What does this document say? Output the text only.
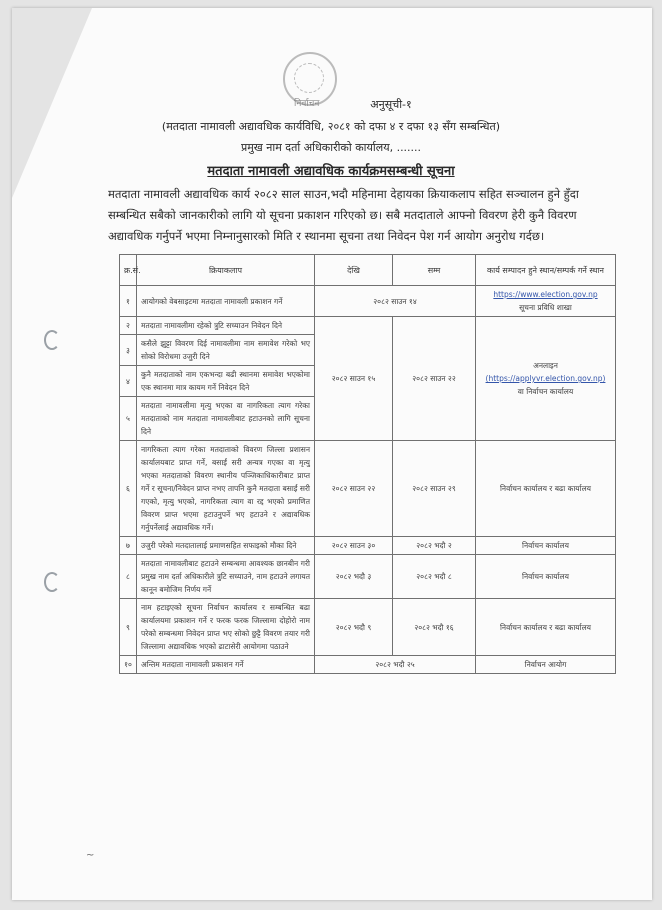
निर्वाचन	अनुसूची-१
(मतदाता नामावली अद्यावधिक कार्यविधि, २०८१ को दफा ४ र दफा १३ सँग सम्बन्धित)
प्रमुख नाम दर्ता अधिकारीको कार्यालय, .......
मतदाता नामावली अद्यावधिक कार्यक्रमसम्बन्धी सूचना
मतदाता नामावली अद्यावधिक कार्य २०८२ साल साउन,भदौ महिनामा देहायका क्रियाकलाप सहित सञ्चालन हुने हुँदा
सम्बन्धित सबैको जानकारीको लागि यो सूचना प्रकाशन गरिएको छ। सबै मतदाताले आफ्नो विवरण हेरी कुनै विवरण
अद्यावधिक गर्नुपर्ने भएमा निम्नानुसारको मिति र स्थानमा सूचना तथा निवेदन पेश गर्न आयोग अनुरोध गर्दछ।
क्र.सं.	क्रियाकलाप	देखि	सम्म	कार्य सम्पादन हुने स्थान/सम्पर्क गर्ने स्थान
१	आयोगको वेबसाइटमा मतदाता नामावली प्रकाशन गर्ने	२०८२ साउन १४		https://www.election.gov.np
सूचना प्रविधि शाखा
२	मतदाता नामावलीमा रहेको त्रुटि सच्याउन निवेदन दिने	२०८२ साउन १५	२०८२ साउन २२	अनलाइन
(https://applyvr.election.gov.np)
वा निर्वाचन कार्यालय
३	कसैले झुट्टा विवरण दिई नामावलीमा नाम समावेश गरेको भए सोको विरोधमा उजुरी दिने			
४	कुनै मतदाताको नाम एकभन्दा बढी स्थानमा समावेश भएकोमा एक स्थानमा मात्र कायम गर्ने निवेदन दिने			
५	मतदाता नामावलीमा मृत्यु भएका वा नागरिकता त्याग गरेका मतदाताको नाम मतदाता नामावलीबाट हटाउनको लागि सूचना दिने			
६	नागरिकता त्याग गरेका मतदाताको विवरण जिल्ला प्रशासन कार्यालयबाट प्राप्त गर्ने, बसाईं सरी अन्यत्र गएका वा मृत्यु भएका मतदाताको विवरण स्थानीय पञ्जिकाधिकारीबाट प्राप्त गर्ने र सूचना/निवेदन प्राप्त नभए तापनि कुनै मतदाता बसाईं सरी गएको, मृत्यु भएको, नागरिकता त्याग वा रद्द भएको प्रमाणित विवरण प्राप्त भएमा हटाउनुपर्ने भए हटाउने र अद्यावधिक गर्नुपर्नेलाई अद्यावधिक गर्ने।	२०८२ साउन २२	२०८२ साउन २९	निर्वाचन कार्यालय र बढा कार्यालय
७	उजुरी परेको मतदातालाई प्रमाणसहित सफाइको मौका दिने	२०८२ साउन ३०	२०८२ भदौ २	निर्वाचन कार्यालय
८	मतदाता नामावलीबाट हटाउने सम्बन्धमा आवश्यक छानबीन गरी प्रमुख नाम दर्ता अधिकारीले त्रुटि सच्याउने, नाम हटाउने लगायत कानून बमोजिम निर्णय गर्ने	२०८२ भदौ ३	२०८२ भदौ ८	निर्वाचन कार्यालय
९	नाम हटाइएको सूचना निर्वाचन कार्यालय र सम्बन्धित बढा कार्यालयमा प्रकाशन गर्ने र फरक फरक जिल्लामा दोहोरो नाम परेको सम्बन्धमा निवेदन प्राप्त भए सोको छुट्टै विवरण तयार गरी जिल्लामा अद्यावधिक भएको ढाटासेरी आयोगमा पठाउने	२०८२ भदौ ९	२०८२ भदौ १६	निर्वाचन कार्यालय र बढा कार्यालय
१०	अन्तिम मतदाता नामावली प्रकाशन गर्ने	२०८२ भदौ २५		निर्वाचन आयोग
~
